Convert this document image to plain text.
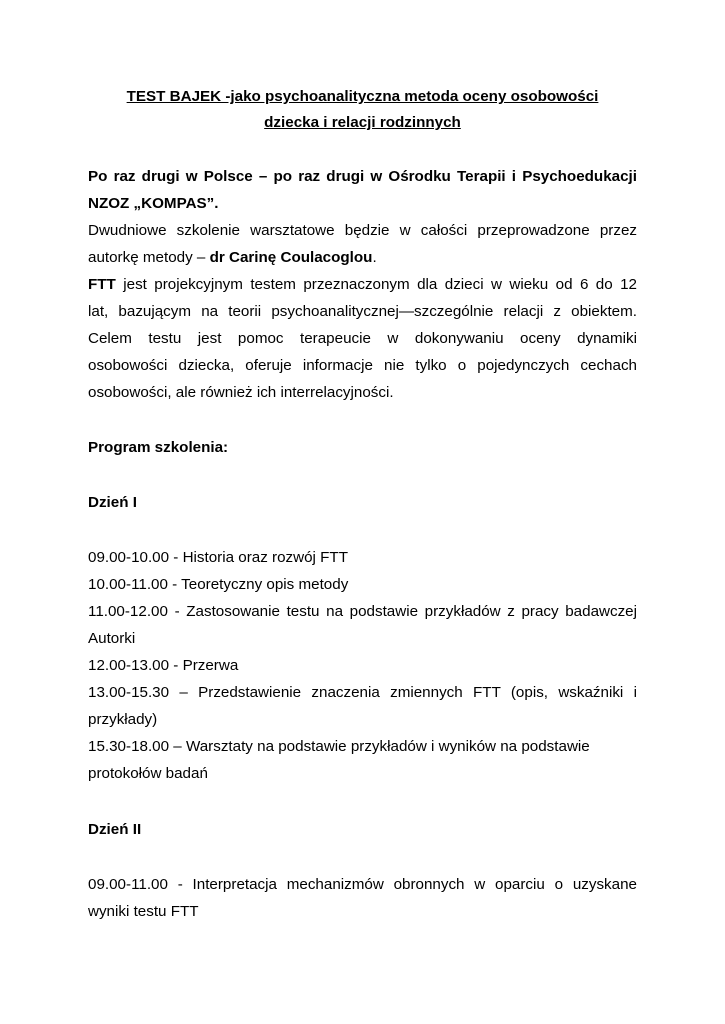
TEST BAJEK -jako psychoanalityczna metoda oceny osobowości
dziecka i relacji rodzinnych
Po raz drugi w Polsce – po raz drugi w Ośrodku Terapii i Psychoedukacji
NZOZ „KOMPAS”.
Dwudniowe szkolenie warsztatowe będzie w całości przeprowadzone przez
autorkę metody – dr Carinę Coulacoglou.
FTT jest projekcyjnym testem przeznaczonym dla dzieci w wieku od 6 do 12
lat, bazującym na teorii psychoanalitycznej—szczególnie relacji z obiektem.
Celem testu jest pomoc terapeucie w dokonywaniu oceny dynamiki
osobowości dziecka, oferuje informacje nie tylko o pojedynczych cechach
osobowości, ale również ich interrelacyjności.
Program szkolenia:
Dzień I
09.00-10.00 - Historia oraz rozwój FTT
10.00-11.00 - Teoretyczny opis metody
11.00-12.00 - Zastosowanie testu na podstawie przykładów z pracy badawczej
Autorki
12.00-13.00 - Przerwa
13.00-15.30 – Przedstawienie znaczenia zmiennych FTT (opis, wskaźniki i
przykłady)
15.30-18.00 – Warsztaty na podstawie przykładów i wyników na podstawie
protokołów badań
Dzień II
09.00-11.00 - Interpretacja mechanizmów obronnych w oparciu o uzyskane
wyniki testu FTT
